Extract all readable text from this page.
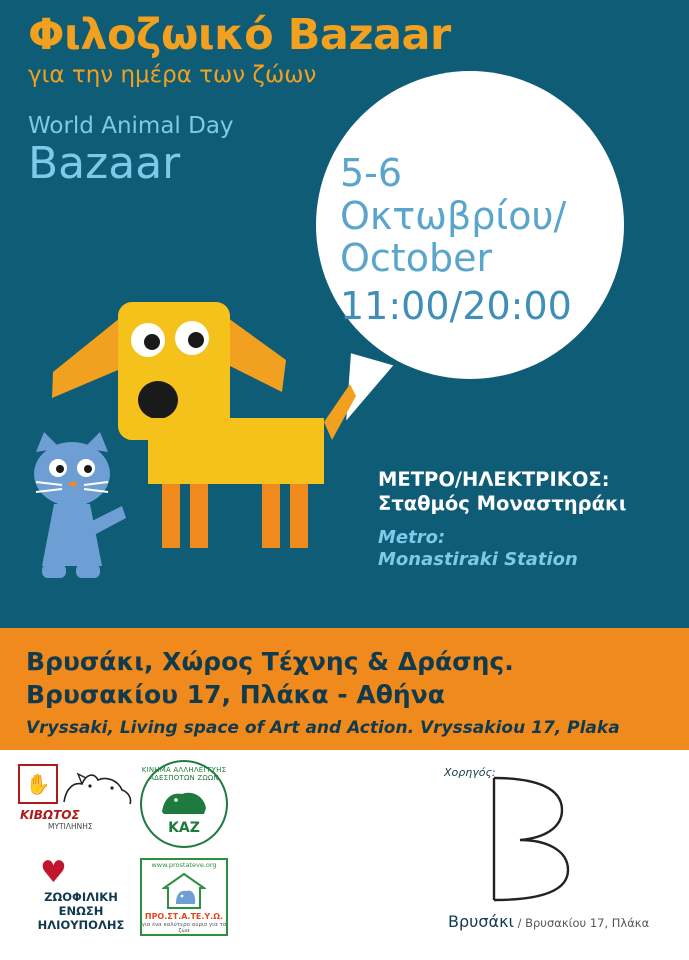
Φιλοζωικό Bazaar
για την ημέρα των ζώων
World Animal Day
Bazaar	5-6
Οκτωβρίου/
October
11:00/20:00
ΜΕΤΡΟ/ΗΛΕΚΤΡΙΚΟΣ:
Σταθμός Μοναστηράκι
Metro:
Monastiraki Station
Βρυσάκι, Χώρος Τέχνης & Δράσης.
Βρυσακίου 17, Πλάκα - Αθήνα
Vryssaki, Living space of Art and Action. Vryssakiou 17, Plaka
✋
ΚΙΒΩΤΟΣ
ΜΥΤΙΛΗΝΗΣ
ΚΙΝΗΜΑ ΑΛΛΗΛΕΓΓΥΗΣ ΑΔΕΣΠΟΤΩΝ ΖΩΩΝ
ΚΑΖ
♥
ΖΩΟΦΙΛΙΚΗ
ΕΝΩΣΗ
ΗΛΙΟΥΠΟΛΗΣ
www.prostateve.org
ΠΡΟ.ΣΤ.Α.ΤΕ.Υ.Ω.
για ένα καλύτερο αύριο για τα ζώα
Χορηγός:
Βρυσάκι / Βρυσακίου 17, Πλάκα
